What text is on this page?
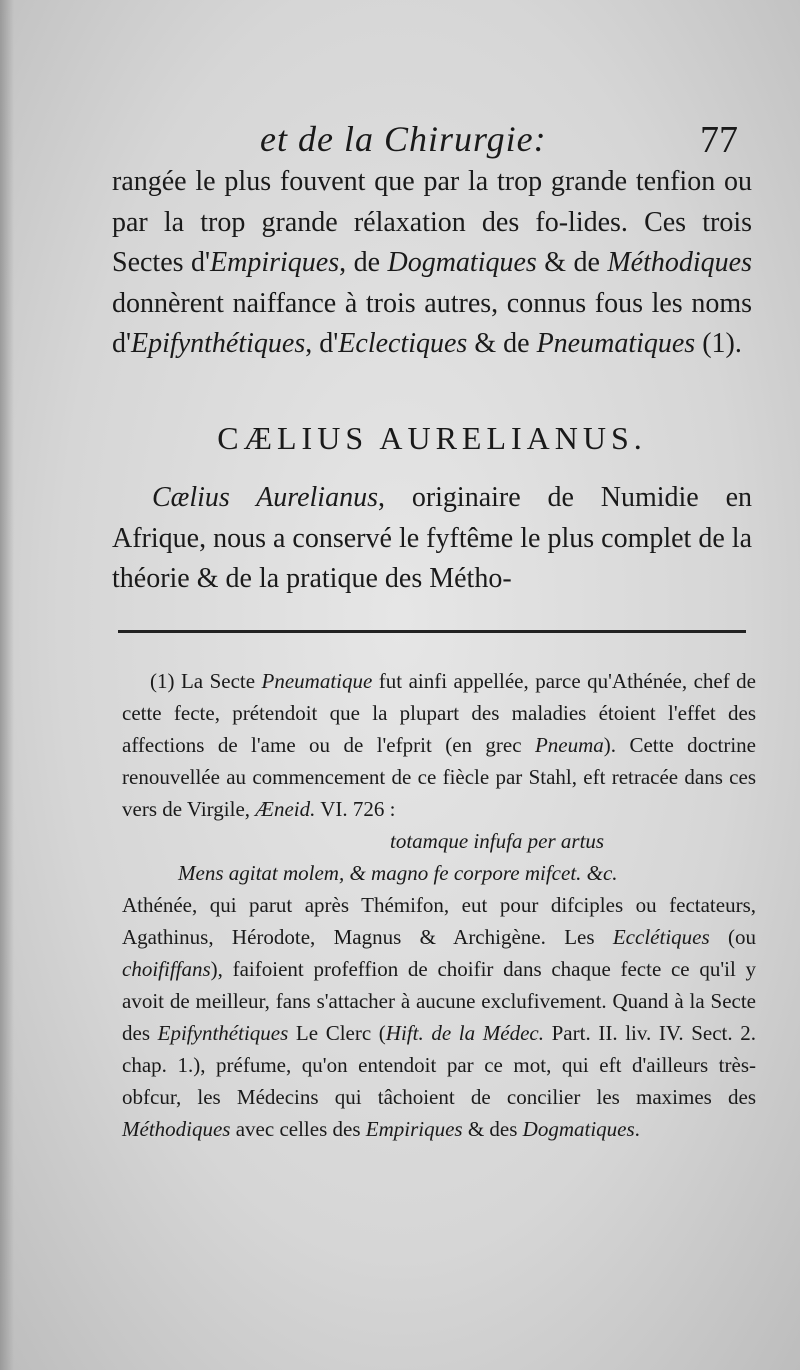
et de la Chirurgie:	77

rangée le plus fouvent que par la trop grande tenfion ou par la trop grande rélaxation des fo-lides. Ces trois Sectes d'Empiriques, de Dogmatiques & de Méthodiques donnèrent naiffance à trois autres, connus fous les noms d'Epifynthétiques, d'Eclectiques & de Pneumatiques (1).

CÆLIUS AURELIANUS.

Cælius Aurelianus, originaire de Numidie en Afrique, nous a conservé le fyftême le plus complet de la théorie & de la pratique des Métho-

(1) La Secte Pneumatique fut ainfi appellée, parce qu'Athénée, chef de cette fecte, prétendoit que la plupart des maladies étoient l'effet des affections de l'ame ou de l'efprit (en grec Pneuma). Cette doctrine renouvellée au commencement de ce fiècle par Stahl, eft retracée dans ces vers de Virgile, Æneid. VI. 726 :

totamque infufa per artus

Mens agitat molem, & magno fe corpore mifcet. &c.

Athénée, qui parut après Thémifon, eut pour difciples ou fectateurs, Agathinus, Hérodote, Magnus & Archigène. Les Ecclétiques (ou choififfans), faifoient profeffion de choifir dans chaque fecte ce qu'il y avoit de meilleur, fans s'attacher à aucune exclufivement. Quand à la Secte des Epifynthétiques Le Clerc (Hift. de la Médec. Part. II. liv. IV. Sect. 2. chap. 1.), préfume, qu'on entendoit par ce mot, qui eft d'ailleurs très-obfcur, les Médecins qui tâchoient de concilier les maximes des Méthodiques avec celles des Empiriques & des Dogmatiques.
